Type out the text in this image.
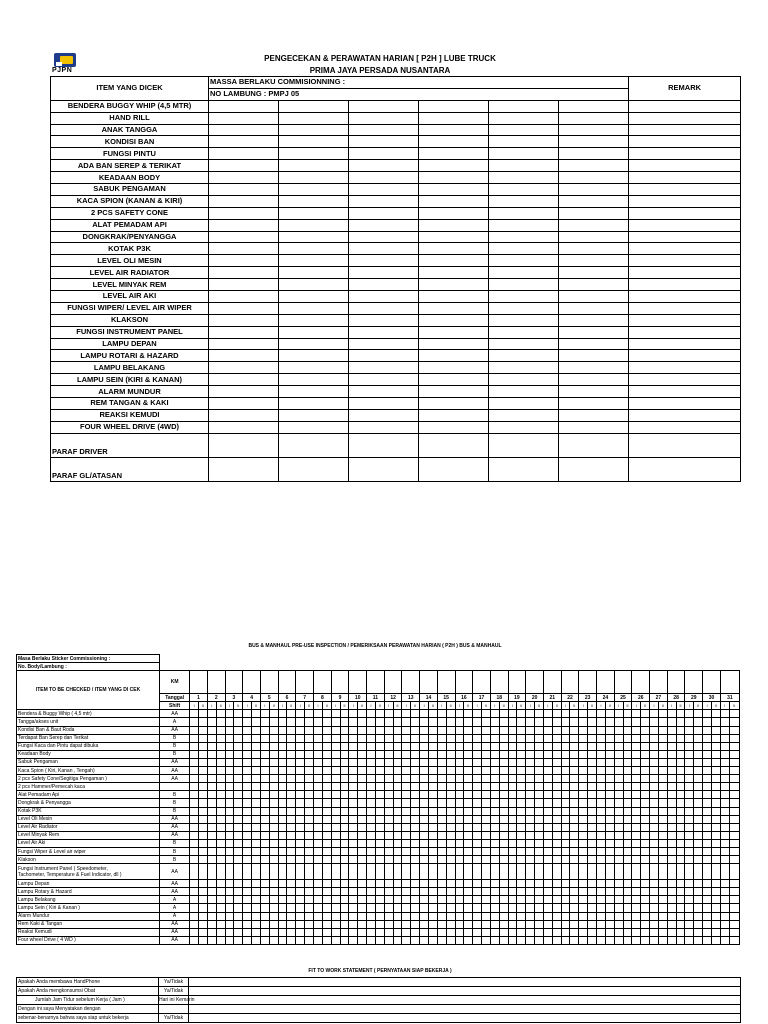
PJPN
PENGECEKAN & PERAWATAN HARIAN [ P2H ] LUBE TRUCK
PRIMA JAYA PERSADA NUSANTARA
ITEM YANG DICEK	MASSA BERLAKU COMMISIONNING :						REMARK
	NO LAMBUNG : PMPJ 05						
BENDERA BUGGY WHIP (4,5 MTR)							
HAND RILL							
ANAK TANGGA							
KONDISI BAN							
FUNGSI PINTU							
ADA BAN SEREP & TERIKAT							
KEADAAN BODY							
SABUK PENGAMAN							
KACA SPION (KANAN & KIRI)							
2 PCS SAFETY CONE							
ALAT PEMADAM API							
DONGKRAK/PENYANGGA							
KOTAK P3K							
LEVEL OLI MESIN							
LEVEL AIR RADIATOR							
LEVEL MINYAK REM							
LEVEL AIR AKI							
FUNGSI WIPER/ LEVEL AIR WIPER							
KLAKSON							
FUNGSI INSTRUMENT PANEL							
LAMPU DEPAN							
LAMPU ROTARI & HAZARD							
LAMPU BELAKANG							
LAMPU SEIN (KIRI & KANAN)							
ALARM MUNDUR							
REM TANGAN & KAKI							
REAKSI KEMUDI							
FOUR WHEEL DRIVE (4WD)							
PARAF DRIVER							
PARAF GL/ATASAN							
BUS & MANHAUL PRE-USE INSPECTION / PEMERIKSAAN PERAWATAN HARIAN ( P2H ) BUS & MANHAUL
Masa Berlaku Sticker Commissioning :																																																															
No. Body/Lambung :																																																															
ITEM TO BE CHECKED / ITEM YANG DI CEK	KM																																																														
	Tanggal	1		2		3		4		5		6		7		8		9		10		11		12		13		14		15		16		17		18		19		20		21		22		23		24		25		26		27		28		29		30		31	
	Shift	I	II	I	II	I	II	I	II	I	II	I	II	I	II	I	II	I	II	I	II	I	II	I	II	I	II	I	II	I	II	I	II	I	II	I	II	I	II	I	II	I	II	I	II	I	II	I	II	I	II	I	II	I	II	I	II	I	II	I	II	I	II
Bendera & Buggy Whip ( 4,5 mtr)	AA																																																														
Tangga/akses unit	A																																																														
Kondisi Ban & Baut Roda	AA																																																														
Terdapat Ban Serep dan Terikat	B																																																														
Fungsi Kaca dan Pintu dapat dibuka	B																																																														
Keadaan Body	B																																																														
Sabuk Pengaman	AA																																																														
Kaca Spion ( Kiri, Kanan , Tengah)	AA																																																														
2 pcs Safety Cone/Segitiga Pengaman )	AA																																																														
2 pcs Hammer/Pemecah kaca																																																															
Alat Pemadam Api	B																																																														
Dongkrak & Penyangga	B																																																														
Kotak P3K	B																																																														
Level Oli Mesin	AA																																																														
Level Air Radiator	AA																																																														
Level Minyak Rem	AA																																																														
Level Air Aki	B																																																														
Fungsi Wiper & Level air wiper	B																																																														
Klakson	B																																																														

Fungsi Instrument Panel ( Speedometer,
Tachometer, Temperature & Fuel Indicator, dll )	AA																																																														
Lampu Depan	AA																																																														
Lampu Rotary & Hazard	AA																																																														
Lampu Belakang	A																																																														
Lampu Sein ( Kiri & Kanan )	A																																																														
Alarm Mundur	A																																																														
Rem Kaki & Tangan	AA																																																														
Reaksi Kemudi	AA																																																														
Four wheel Drive ( 4 WD )	AA																																																														
FIT TO WORK STATEMENT ( PERNYATAAN SIAP BEKERJA )
Apakah Anda membawa HandPhone	Ya/Tidak	
Apakah Anda mengkonsumsi Obat	Ya/Tidak	
Jumlah Jam Tidur sebelum Kerja ( Jam )	Hari ini Kemarin	
Dengan ini saya Menyatakan dengan		
sebenar-benarnya bahwa saya siap untuk bekerja	Ya/Tidak	
